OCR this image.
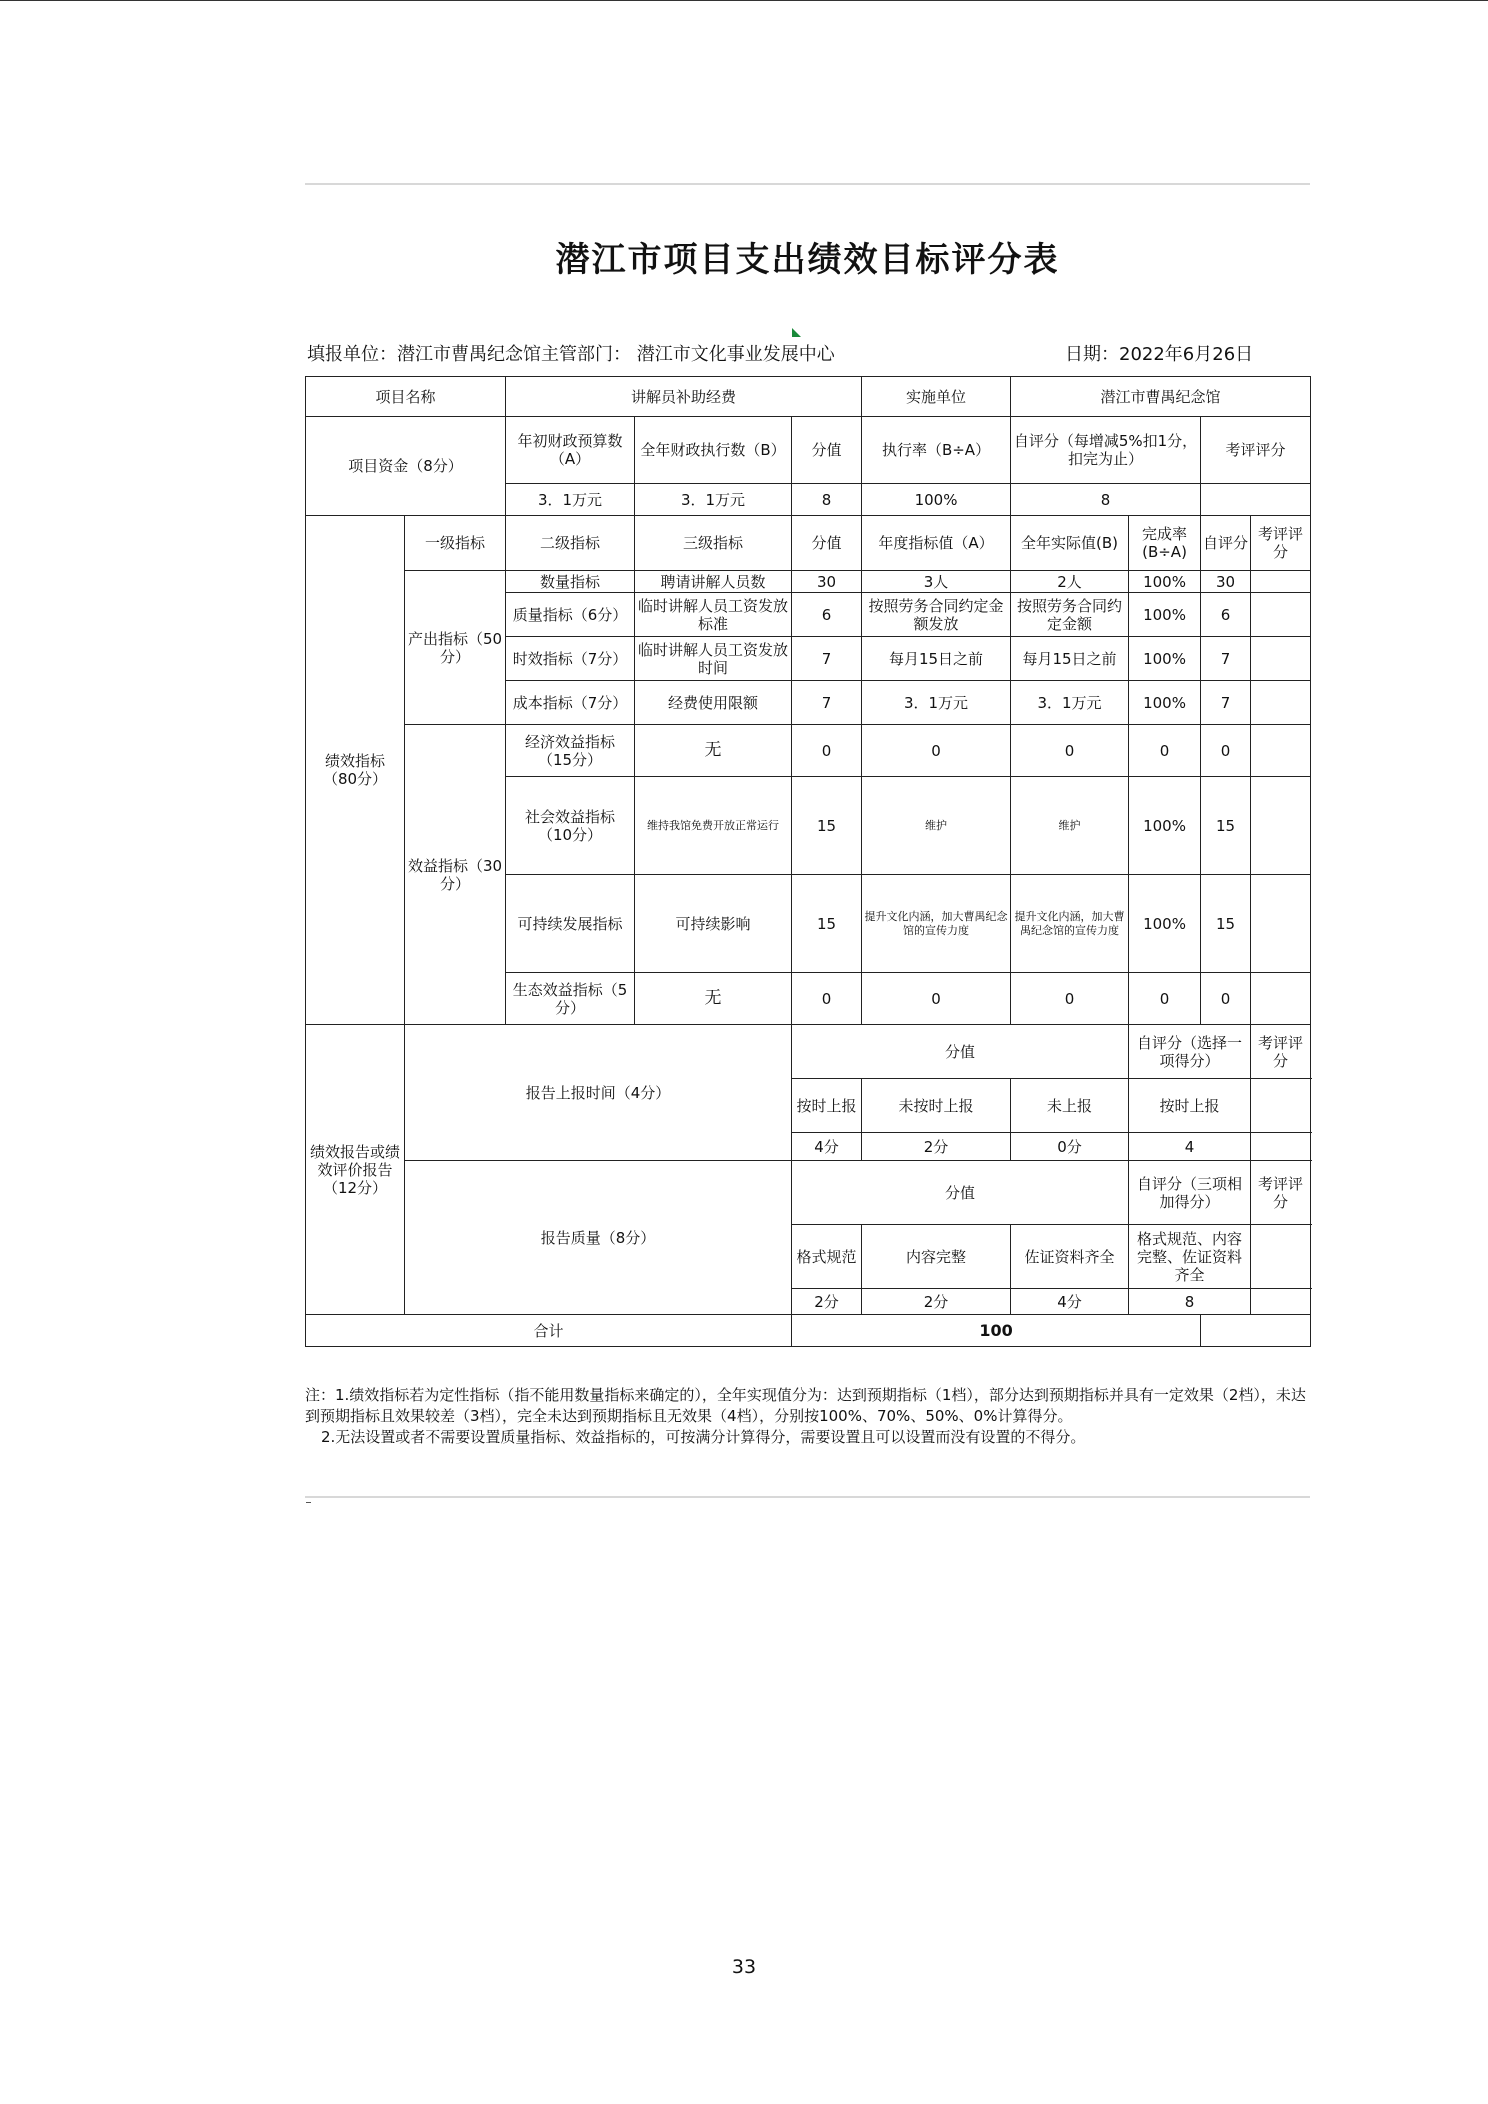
潜江市项目支出绩效目标评分表
填报单位：潜江市曹禺纪念馆主管部门： 潜江市文化事业发展中心	日期：2022年6月26日
项目名称		讲解员补助经费			实施单位	潜江市曹禺纪念馆			
项目资金（8分）		年初财政预算数（A）	全年财政执行数（B）	分值	执行率（B÷A）	自评分（每增减5%扣1分，扣完为止）		考评评分	
		3．1万元	3．1万元	8	100%	8			
绩效指标（80分）	一级指标	二级指标	三级指标	分值	年度指标值（A）	全年实际值(B)	完成率(B÷A)	自评分	考评评分
	产出指标（50分）	数量指标	聘请讲解人员数	30	3人	2人	100%	30	
		质量指标（6分）	临时讲解人员工资发放标准	6	按照劳务合同约定金额发放	按照劳务合同约定金额	100%	6	
		时效指标（7分）	临时讲解人员工资发放时间	7	每月15日之前	每月15日之前	100%	7	
		成本指标（7分）	经费使用限额	7	3．1万元	3．1万元	100%	7	
	效益指标（30分）	经济效益指标（15分）	无	0	0	0	0	0	
		社会效益指标（10分）	维持我馆免费开放正常运行	15	维护	维护	100%	15	
		可持续发展指标	可持续影响	15	提升文化内涵，加大曹禺纪念馆的宣传力度	提升文化内涵，加大曹禺纪念馆的宣传力度	100%	15	
		生态效益指标（5分）	无	0	0	0	0	0	
绩效报告或绩效评价报告（12分）	报告上报时间（4分）			分值			自评分（选择一项得分）		考评评分
				按时上报	未按时上报	未上报	按时上报		
				4分	2分	0分	4		
	报告质量（8分）			分值			自评分（三项相加得分）		考评评分
				格式规范	内容完整	佐证资料齐全	格式规范、内容完整、佐证资料齐全		
				2分	2分	4分	8		
合计				100					

注：1.绩效指标若为定性指标（指不能用数量指标来确定的），全年实现值分为：达到预期指标（1档），部分达到预期指标并具有一定效果（2档），未达到预期指标且效果较差（3档），完全未达到预期指标且无效果（4档），分别按100%、70%、50%、0%计算得分。

2.无法设置或者不需要设置质量指标、效益指标的，可按满分计算得分，需要设置且可以设置而没有设置的不得分。

33
